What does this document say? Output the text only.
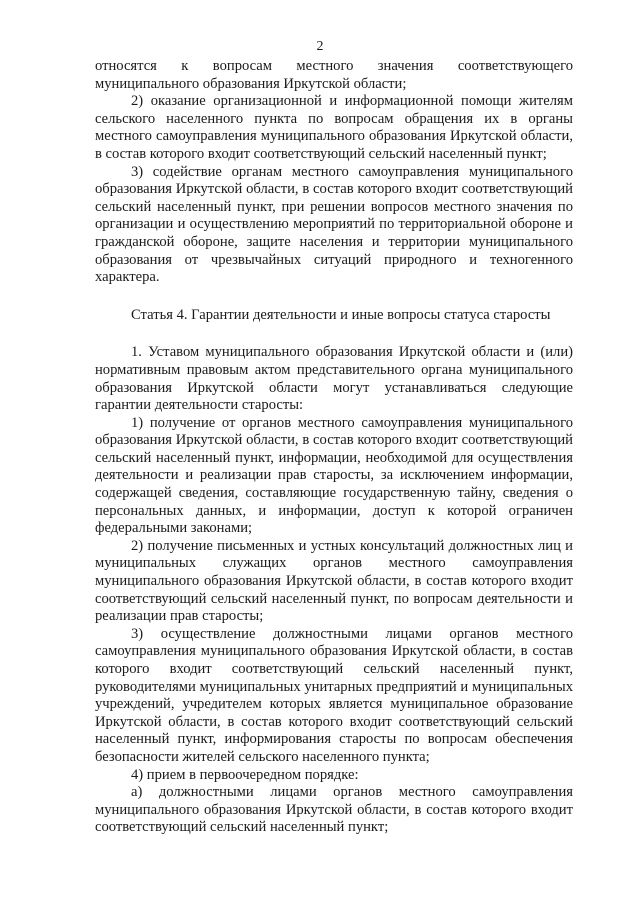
2

относятся к вопросам местного значения соответствующего муниципального образования Иркутской области;

2) оказание организационной и информационной помощи жителям сельского населенного пункта по вопросам обращения их в органы местного самоуправления муниципального образования Иркутской области, в состав которого входит соответствующий сельский населенный пункт;

3) содействие органам местного самоуправления муниципального образования Иркутской области, в состав которого входит соответствующий сельский населенный пункт, при решении вопросов местного значения по организации и осуществлению мероприятий по территориальной обороне и гражданской обороне, защите населения и территории муниципального образования от чрезвычайных ситуаций природного и техногенного характера.

Статья 4. Гарантии деятельности и иные вопросы статуса старосты

1. Уставом муниципального образования Иркутской области и (или) нормативным правовым актом представительного органа муниципального образования Иркутской области могут устанавливаться следующие гарантии деятельности старосты:

1) получение от органов местного самоуправления муниципального образования Иркутской области, в состав которого входит соответствующий сельский населенный пункт, информации, необходимой для осуществления деятельности и реализации прав старосты, за исключением информации, содержащей сведения, составляющие государственную тайну, сведения о персональных данных, и информации, доступ к которой ограничен федеральными законами;

2) получение письменных и устных консультаций должностных лиц и муниципальных служащих органов местного самоуправления муниципального образования Иркутской области, в состав которого входит соответствующий сельский населенный пункт, по вопросам деятельности и реализации прав старосты;

3) осуществление должностными лицами органов местного самоуправления муниципального образования Иркутской области, в состав которого входит соответствующий сельский населенный пункт, руководителями муниципальных унитарных предприятий и муниципальных учреждений, учредителем которых является муниципальное образование Иркутской области, в состав которого входит соответствующий сельский населенный пункт, информирования старосты по вопросам обеспечения безопасности жителей сельского населенного пункта;

4) прием в первоочередном порядке:

а) должностными лицами органов местного самоуправления муниципального образования Иркутской области, в состав которого входит соответствующий сельский населенный пункт;
